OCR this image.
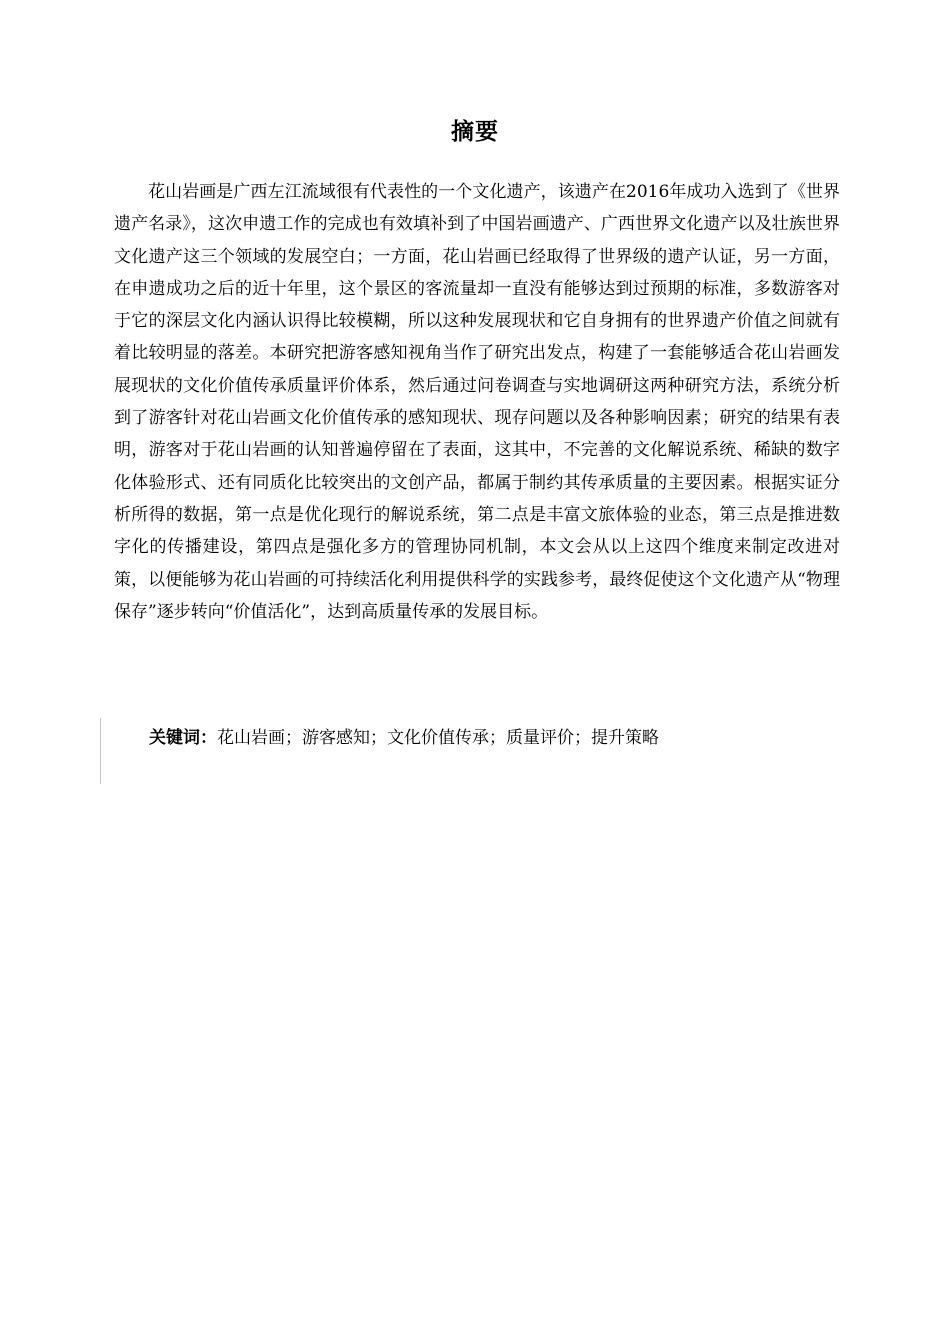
摘要

花山岩画是广西左江流域很有代表性的一个文化遗产，该遗产在2016年成功入选到了《世界遗产名录》，这次申遗工作的完成也有效填补到了中国岩画遗产、广西世界文化遗产以及壮族世界文化遗产这三个领域的发展空白；一方面，花山岩画已经取得了世界级的遗产认证，另一方面，在申遗成功之后的近十年里，这个景区的客流量却一直没有能够达到过预期的标准，多数游客对于它的深层文化内涵认识得比较模糊，所以这种发展现状和它自身拥有的世界遗产价值之间就有着比较明显的落差。本研究把游客感知视角当作了研究出发点，构建了一套能够适合花山岩画发展现状的文化价值传承质量评价体系，然后通过问卷调查与实地调研这两种研究方法，系统分析到了游客针对花山岩画文化价值传承的感知现状、现存问题以及各种影响因素；研究的结果有表明，游客对于花山岩画的认知普遍停留在了表面，这其中，不完善的文化解说系统、稀缺的数字化体验形式、还有同质化比较突出的文创产品，都属于制约其传承质量的主要因素。根据实证分析所得的数据，第一点是优化现行的解说系统，第二点是丰富文旅体验的业态，第三点是推进数字化的传播建设，第四点是强化多方的管理协同机制，本文会从以上这四个维度来制定改进对策，以便能够为花山岩画的可持续活化利用提供科学的实践参考，最终促使这个文化遗产从“物理保存”逐步转向“价值活化”，达到高质量传承的发展目标。

关键词：花山岩画；游客感知；文化价值传承；质量评价；提升策略
